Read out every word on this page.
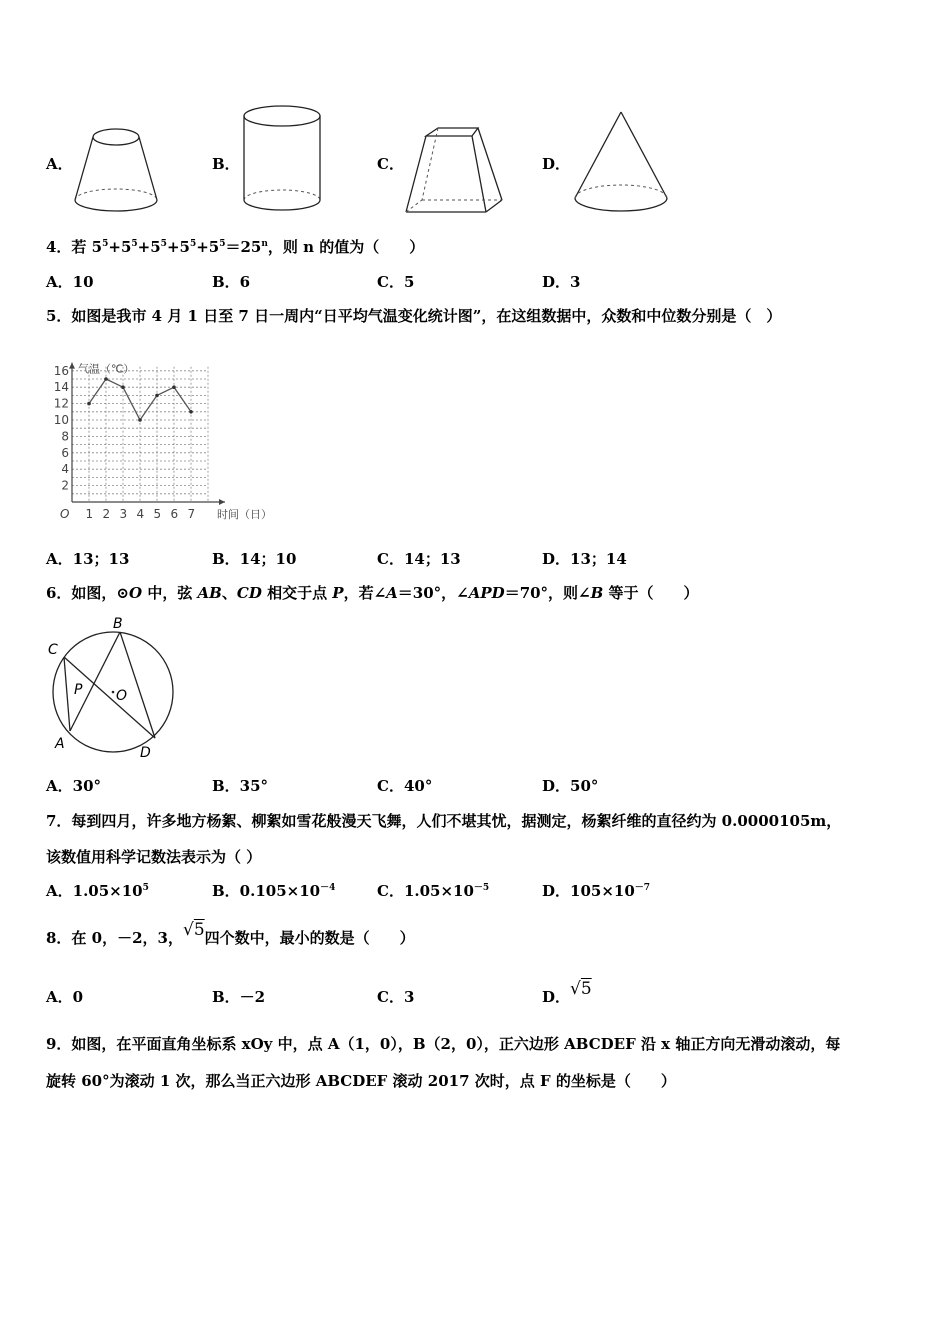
A．	B．	C．	D．
4．若 $5^5+5^5+5^5+5^5+5^5=25^n$，则 n 的值为（　　）
A．10	B．6	C．5	D．3
5．如图是我市 4 月 1 日至 7 日一周内“日平均气温变化统计图”，在这组数据中，众数和中位数分别是（　）
1 2 3 4 5 6 7
2
4
6
8
10
12
14
16 气温（℃）
时间（日）
O
A．13；13	B．14；10	C．14；13	D．13；14
6．如图，⊙O 中，弦 AB、CD 相交于点 P，若∠A＝30°，∠APD＝70°，则∠B 等于（　　）
C
B
P O
A
D
A．30°	B．35°	C．40°	D．50°
7．每到四月，许多地方杨絮、柳絮如雪花般漫天飞舞，人们不堪其忧，据测定，杨絮纤维的直径约为 0.0000105m，
该数值用科学记数法表示为（ ）
A．$1.05\times 10^5$	B．$0.105\times 10^{-4}$	C．$1.05\times 10^{-5}$	D．$105\times 10^{-7}$
8．在 0，－2，3，√5四个数中，最小的数是（　　）
A．0	B．－2	C．3	D．√5
9．如图，在平面直角坐标系 xOy 中，点 A（1，0），B（2，0），正六边形 ABCDEF 沿 x 轴正方向无滑动滚动，每
旋转 60°为滚动 1 次，那么当正六边形 ABCDEF 滚动 2017 次时，点 F 的坐标是（　　）
